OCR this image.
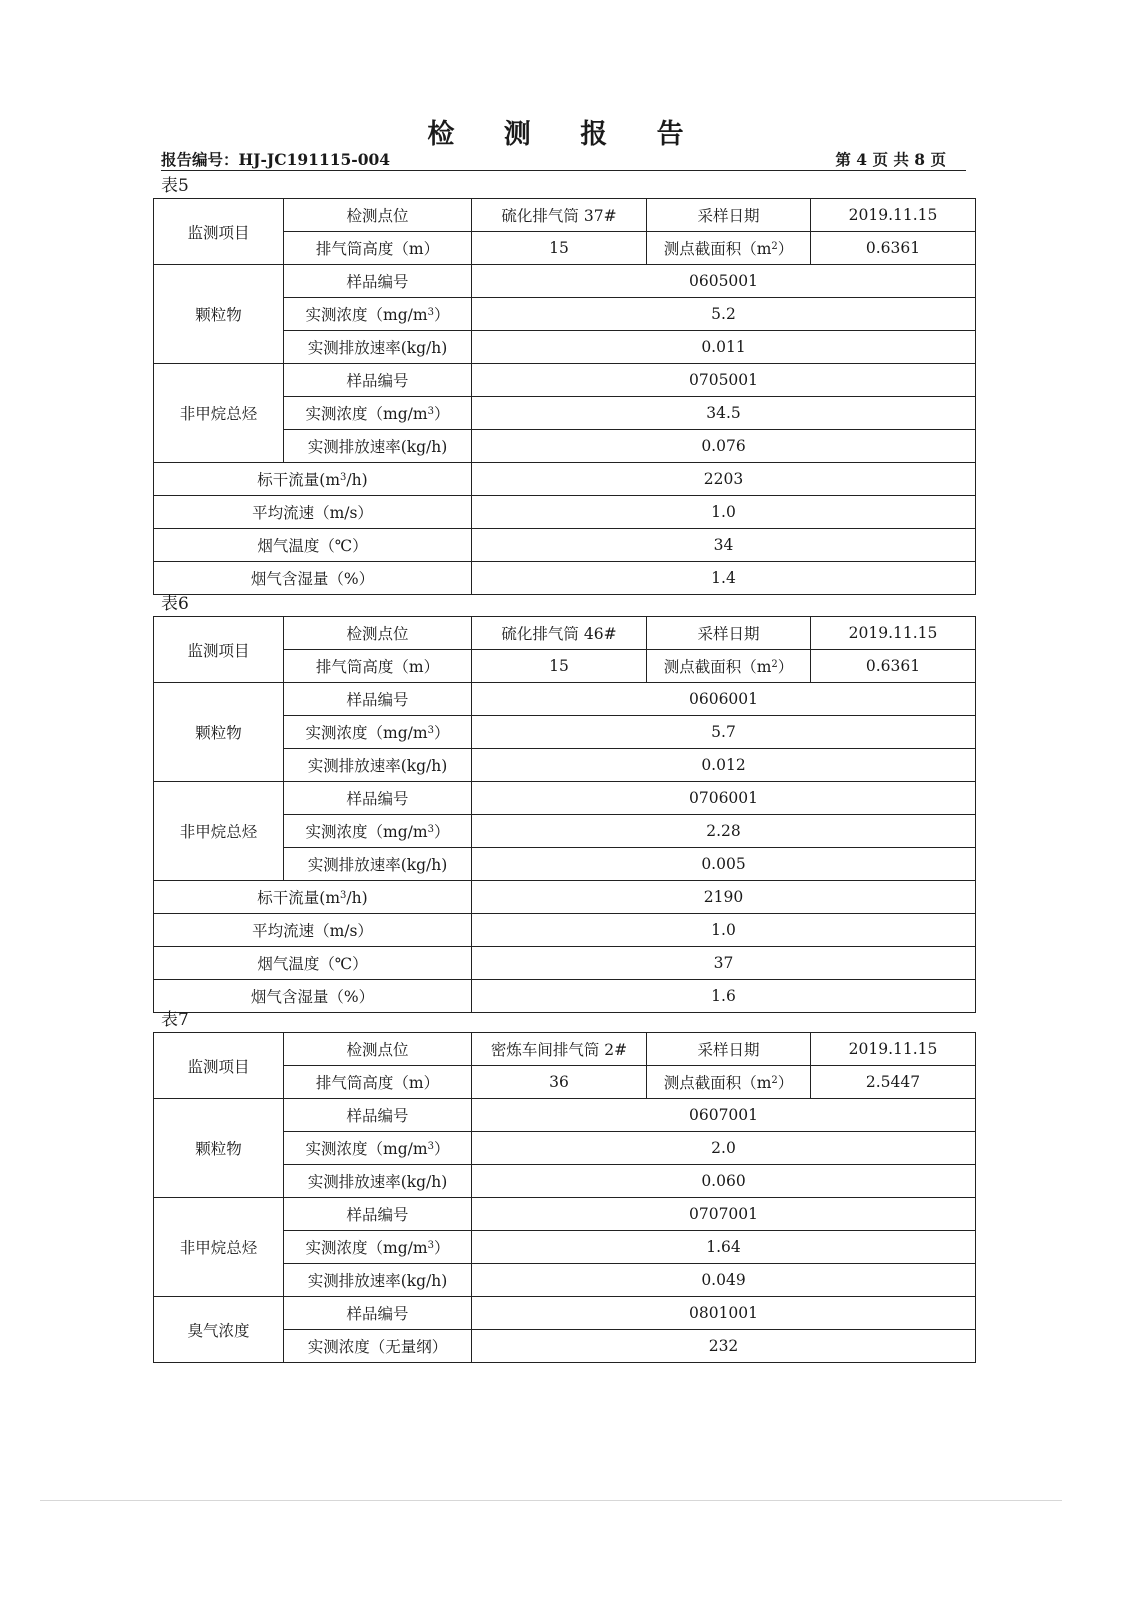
检 测 报 告
报告编号：HJ-JC191115-004	第 4 页 共 8 页
表5
监测项目	检测点位	硫化排气筒 37#	采样日期	2019.11.15
	排气筒高度（m）	15	测点截面积$(m^2)$	0.6361
颗粒物	样品编号	0605001		
	实测浓度$(mg/m^3)$	5.2		
	实测排放速率(kg/h)	0.011		
非甲烷总烃	样品编号	0705001		
	实测浓度$(mg/m^3)$	34.5		
	实测排放速率(kg/h)	0.076		
标干流量$(m^3/h)$		2203		
平均流速（m/s）		1.0		
烟气温度（℃）		34		
烟气含湿量（%）		1.4		
表6
监测项目	检测点位	硫化排气筒 46#	采样日期	2019.11.15
	排气筒高度（m）	15	测点截面积$(m^2)$	0.6361
颗粒物	样品编号	0606001		
	实测浓度$(mg/m^3)$	5.7		
	实测排放速率(kg/h)	0.012		
非甲烷总烃	样品编号	0706001		
	实测浓度$(mg/m^3)$	2.28		
	实测排放速率(kg/h)	0.005		
标干流量$(m^3/h)$		2190		
平均流速（m/s）		1.0		
烟气温度（℃）		37		
烟气含湿量（%）		1.6		
表7
监测项目	检测点位	密炼车间排气筒 2#	采样日期	2019.11.15
	排气筒高度（m）	36	测点截面积$(m^2)$	2.5447
颗粒物	样品编号	0607001		
	实测浓度$(mg/m^3)$	2.0		
	实测排放速率(kg/h)	0.060		
非甲烷总烃	样品编号	0707001		
	实测浓度$(mg/m^3)$	1.64		
	实测排放速率(kg/h)	0.049		
臭气浓度	样品编号	0801001		
	实测浓度（无量纲）	232		
